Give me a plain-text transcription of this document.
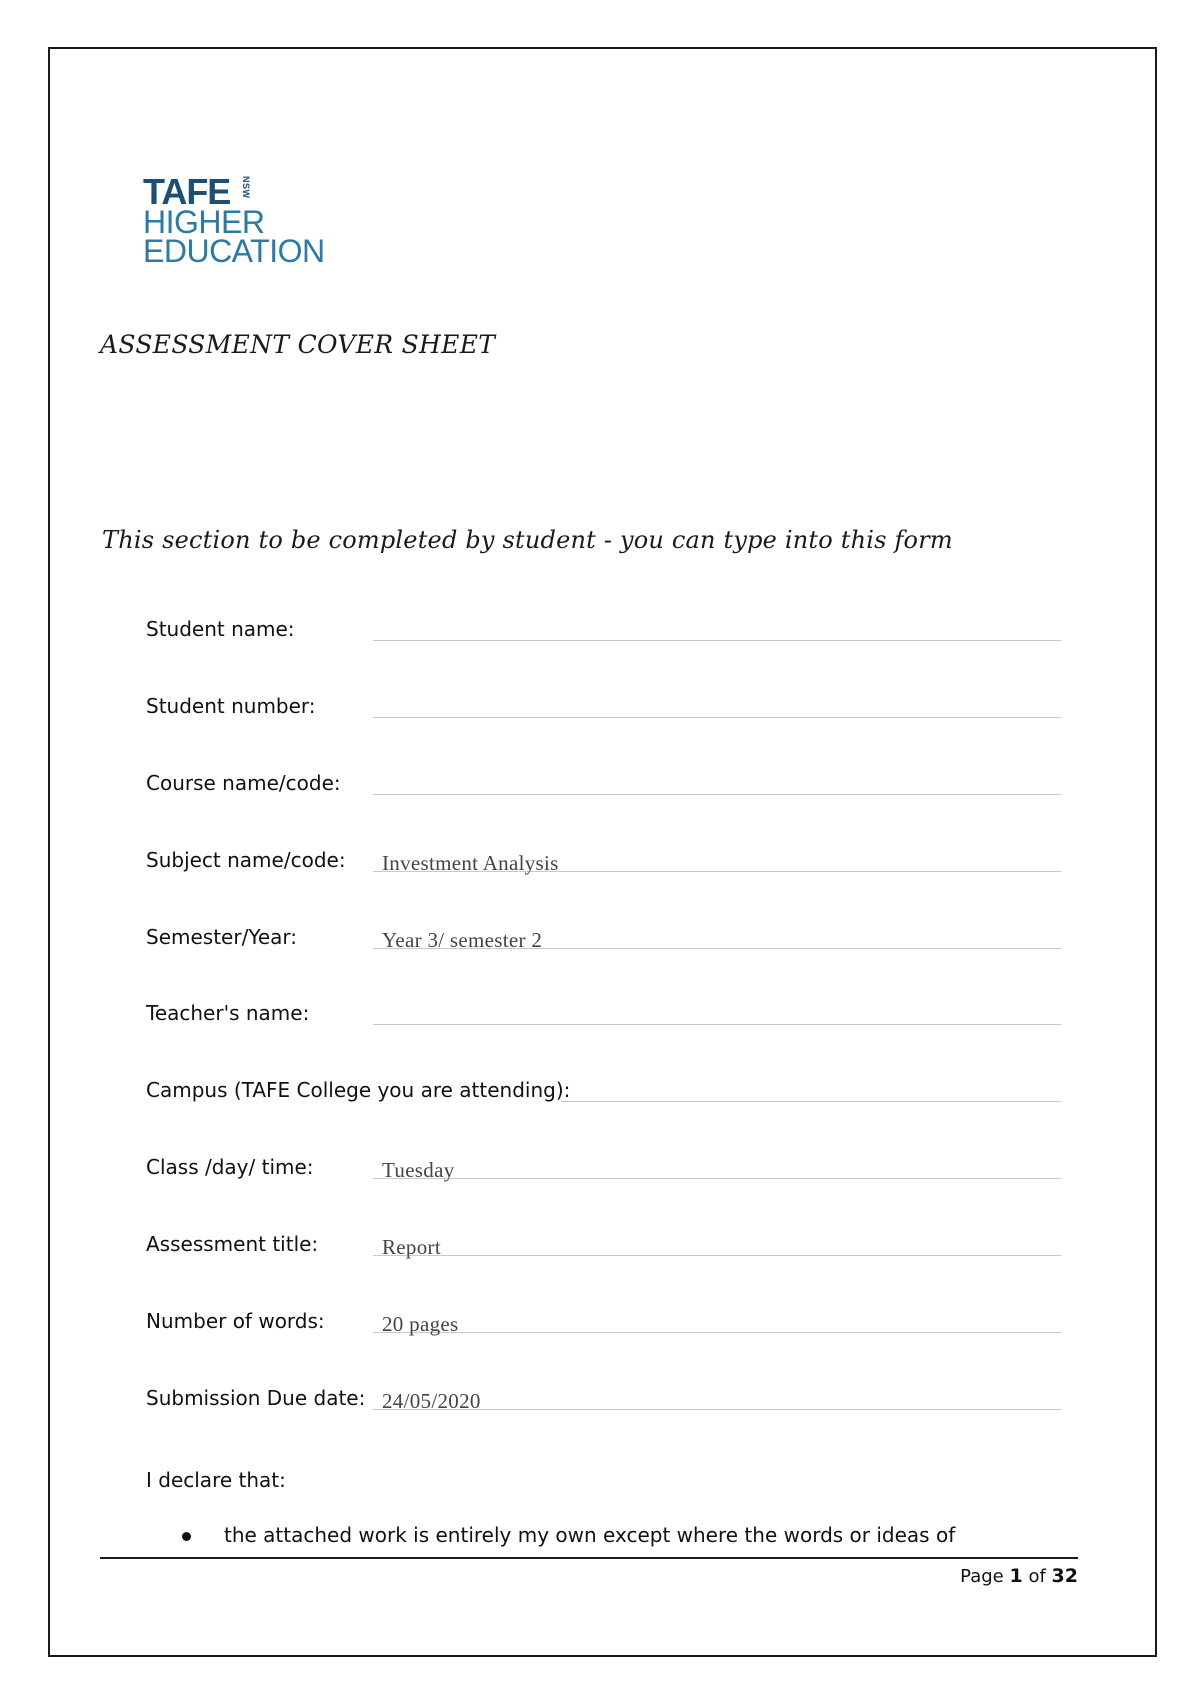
TAFE NSW
HIGHER
EDUCATION
ASSESSMENT COVER SHEET
This section to be completed by student - you can type into this form
Student name:
Student number:
Course name/code:
Subject name/code: Investment Analysis
Semester/Year:	Year 3/ semester 2
Teacher's name:
Campus (TAFE College you are attending):
Class /day/ time:	Tuesday
Assessment title:	Report
Number of words:	20 pages
Submission Due date: 24/05/2020
I declare that:
the attached work is entirely my own except where the words or ideas of
Page 1 of 32
